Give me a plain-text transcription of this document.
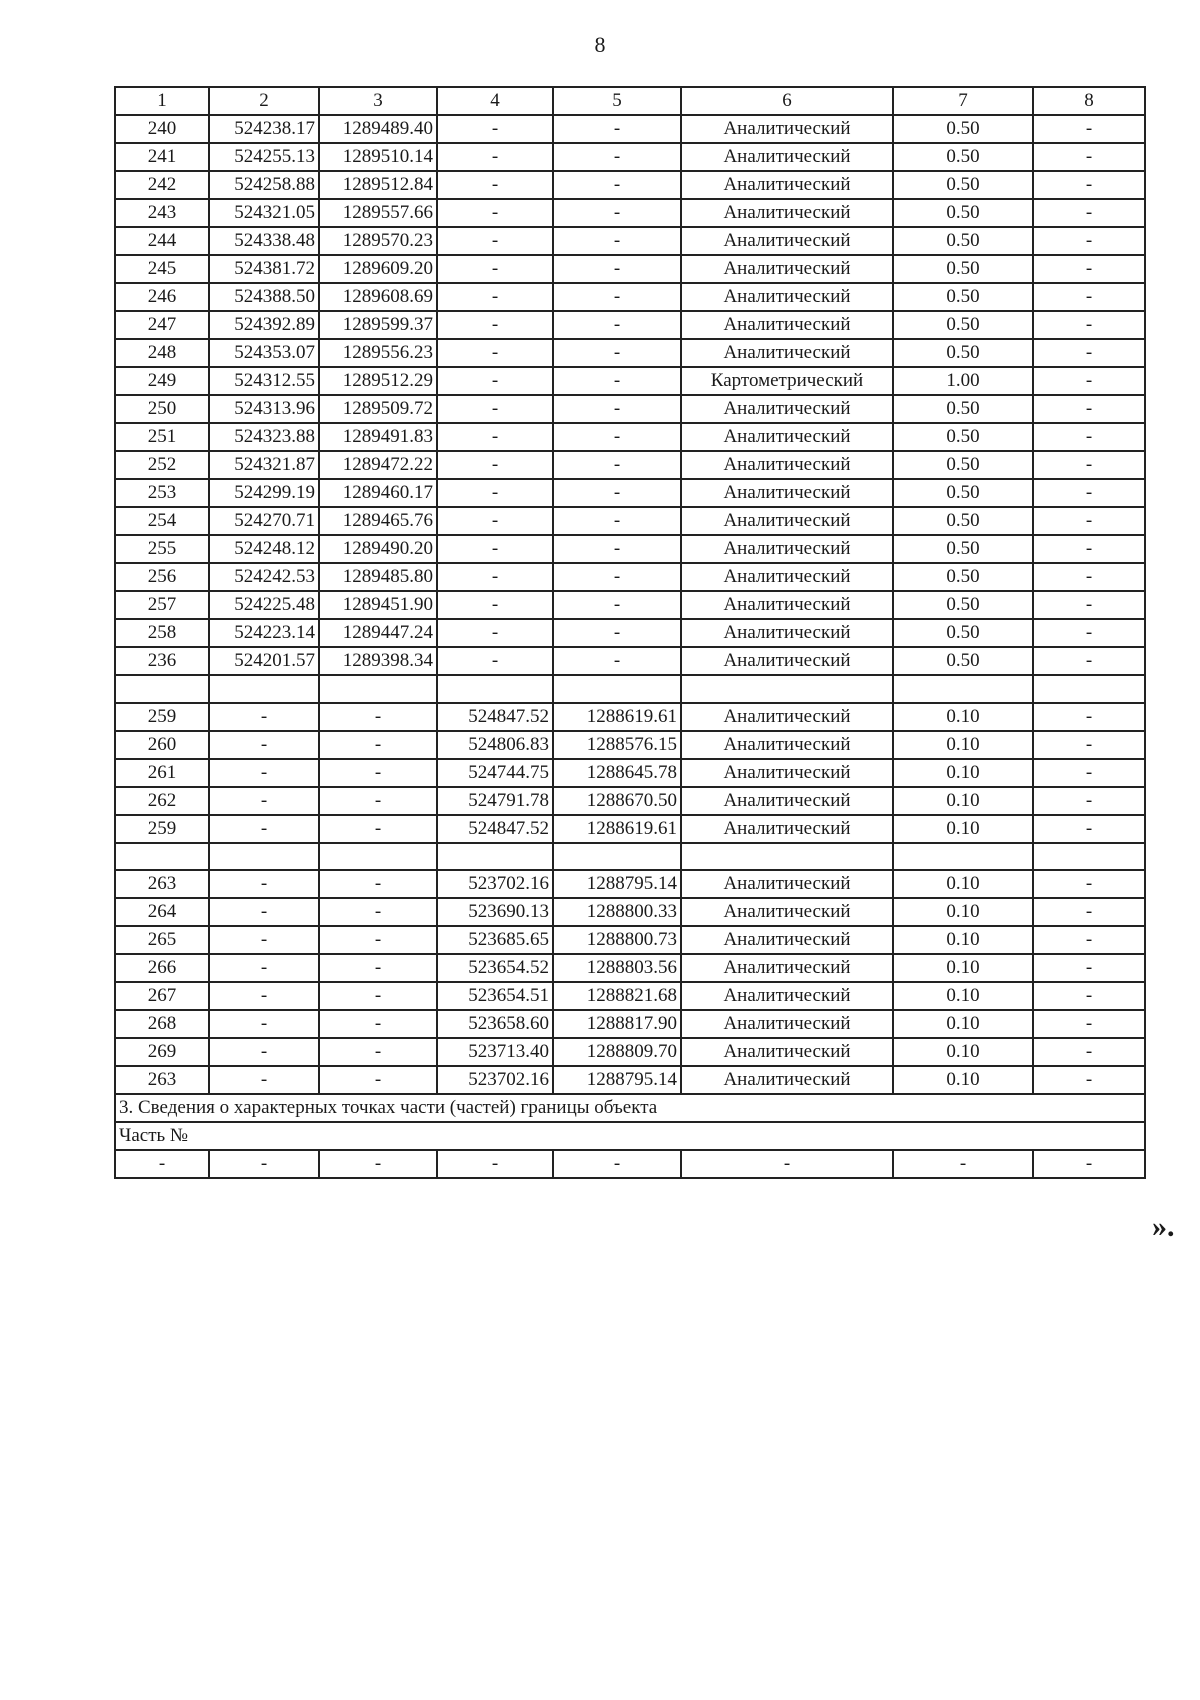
8
1	2	3	4	5	6	7	8
240	524238.17	1289489.40	-	-	Аналитический	0.50	-
241	524255.13	1289510.14	-	-	Аналитический	0.50	-
242	524258.88	1289512.84	-	-	Аналитический	0.50	-
243	524321.05	1289557.66	-	-	Аналитический	0.50	-
244	524338.48	1289570.23	-	-	Аналитический	0.50	-
245	524381.72	1289609.20	-	-	Аналитический	0.50	-
246	524388.50	1289608.69	-	-	Аналитический	0.50	-
247	524392.89	1289599.37	-	-	Аналитический	0.50	-
248	524353.07	1289556.23	-	-	Аналитический	0.50	-
249	524312.55	1289512.29	-	-	Картометрический	1.00	-
250	524313.96	1289509.72	-	-	Аналитический	0.50	-
251	524323.88	1289491.83	-	-	Аналитический	0.50	-
252	524321.87	1289472.22	-	-	Аналитический	0.50	-
253	524299.19	1289460.17	-	-	Аналитический	0.50	-
254	524270.71	1289465.76	-	-	Аналитический	0.50	-
255	524248.12	1289490.20	-	-	Аналитический	0.50	-
256	524242.53	1289485.80	-	-	Аналитический	0.50	-
257	524225.48	1289451.90	-	-	Аналитический	0.50	-
258	524223.14	1289447.24	-	-	Аналитический	0.50	-
236	524201.57	1289398.34	-	-	Аналитический	0.50	-

259	-	-	524847.52	1288619.61	Аналитический	0.10	-
260	-	-	524806.83	1288576.15	Аналитический	0.10	-
261	-	-	524744.75	1288645.78	Аналитический	0.10	-
262	-	-	524791.78	1288670.50	Аналитический	0.10	-
259	-	-	524847.52	1288619.61	Аналитический	0.10	-

263	-	-	523702.16	1288795.14	Аналитический	0.10	-
264	-	-	523690.13	1288800.33	Аналитический	0.10	-
265	-	-	523685.65	1288800.73	Аналитический	0.10	-
266	-	-	523654.52	1288803.56	Аналитический	0.10	-
267	-	-	523654.51	1288821.68	Аналитический	0.10	-
268	-	-	523658.60	1288817.90	Аналитический	0.10	-
269	-	-	523713.40	1288809.70	Аналитический	0.10	-
263	-	-	523702.16	1288795.14	Аналитический	0.10	-
3. Сведения о характерных точках части (частей) границы объекта							
Часть №							
-	-	-	-	-	-	-	-
».
